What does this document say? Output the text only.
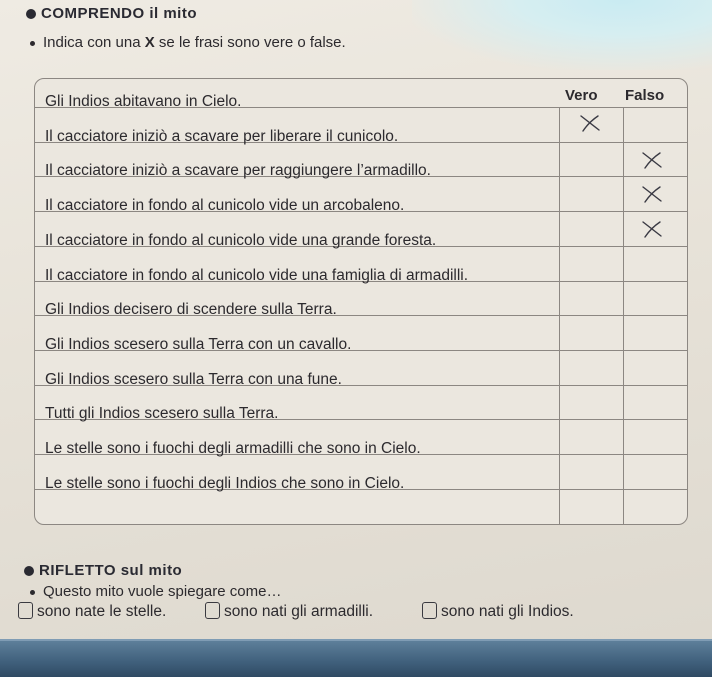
COMPRENDO il mito
Indica con una X se le frasi sono vere o false.
Vero Falso
Gli Indios abitavano in Cielo.
Il cacciatore iniziò a scavare per liberare il cunicolo.
Il cacciatore iniziò a scavare per raggiungere l’armadillo.
Il cacciatore in fondo al cunicolo vide un arcobaleno.
Il cacciatore in fondo al cunicolo vide una grande foresta.
Il cacciatore in fondo al cunicolo vide una famiglia di armadilli.
Gli Indios decisero di scendere sulla Terra.
Gli Indios scesero sulla Terra con un cavallo.
Gli Indios scesero sulla Terra con una fune.
Tutti gli Indios scesero sulla Terra.
Le stelle sono i fuochi degli armadilli che sono in Cielo.
Le stelle sono i fuochi degli Indios che sono in Cielo.
RIFLETTO sul mito
Questo mito vuole spiegare come…
sono nate le stelle.	sono nati gli armadilli.	sono nati gli Indios.
